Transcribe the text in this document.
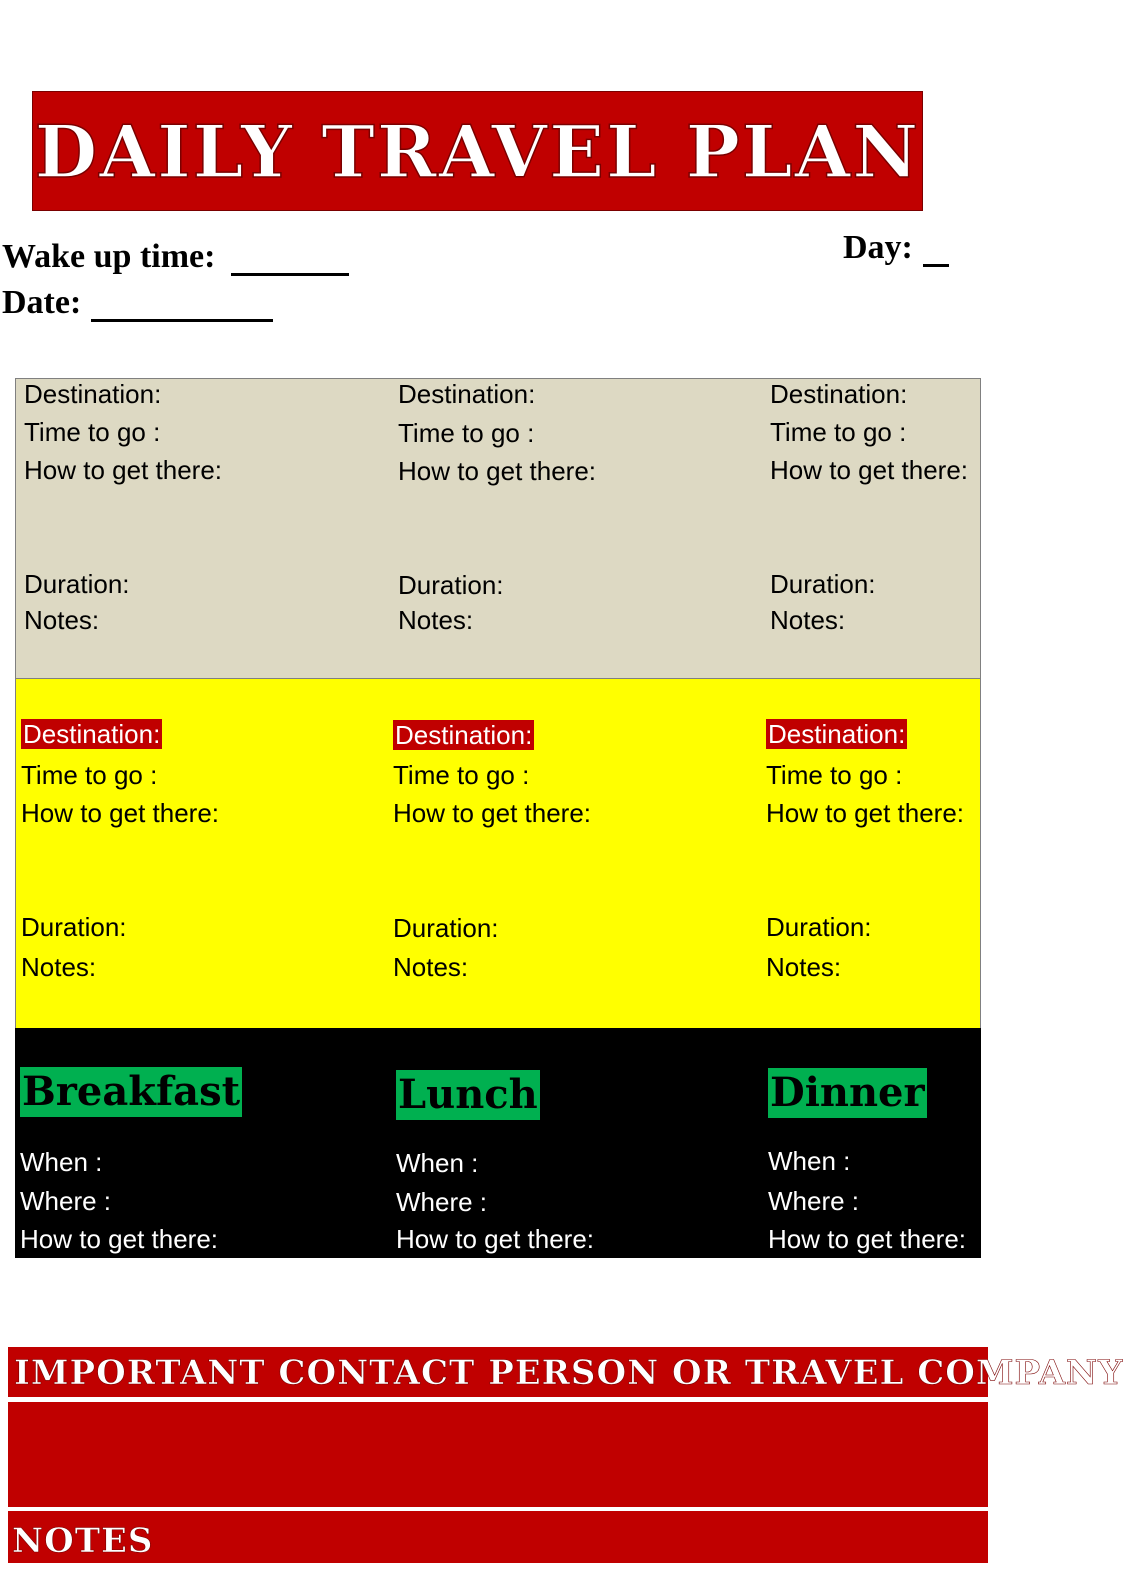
DAILY TRAVEL PLAN
Wake up time:
Date:
Day:
Destination:
Time to go :
How to get there:
Duration:
Notes:
Destination:
Time to go :
How to get there:
Duration:
Notes:
Destination:
Time to go :
How to get there:
Duration:
Notes:
Destination:
Time to go :
How to get there:
Duration:
Notes:
Destination:
Time to go :
How to get there:
Duration:
Notes:
Destination:
Time to go :
How to get there:
Duration:
Notes:
Breakfast
When :
Where :
How to get there:
Lunch
When :
Where :
How to get there:
Dinner
When :
Where :
How to get there:
IMPORTANT CONTACT PERSON OR TRAVEL COMPANY
NOTES
